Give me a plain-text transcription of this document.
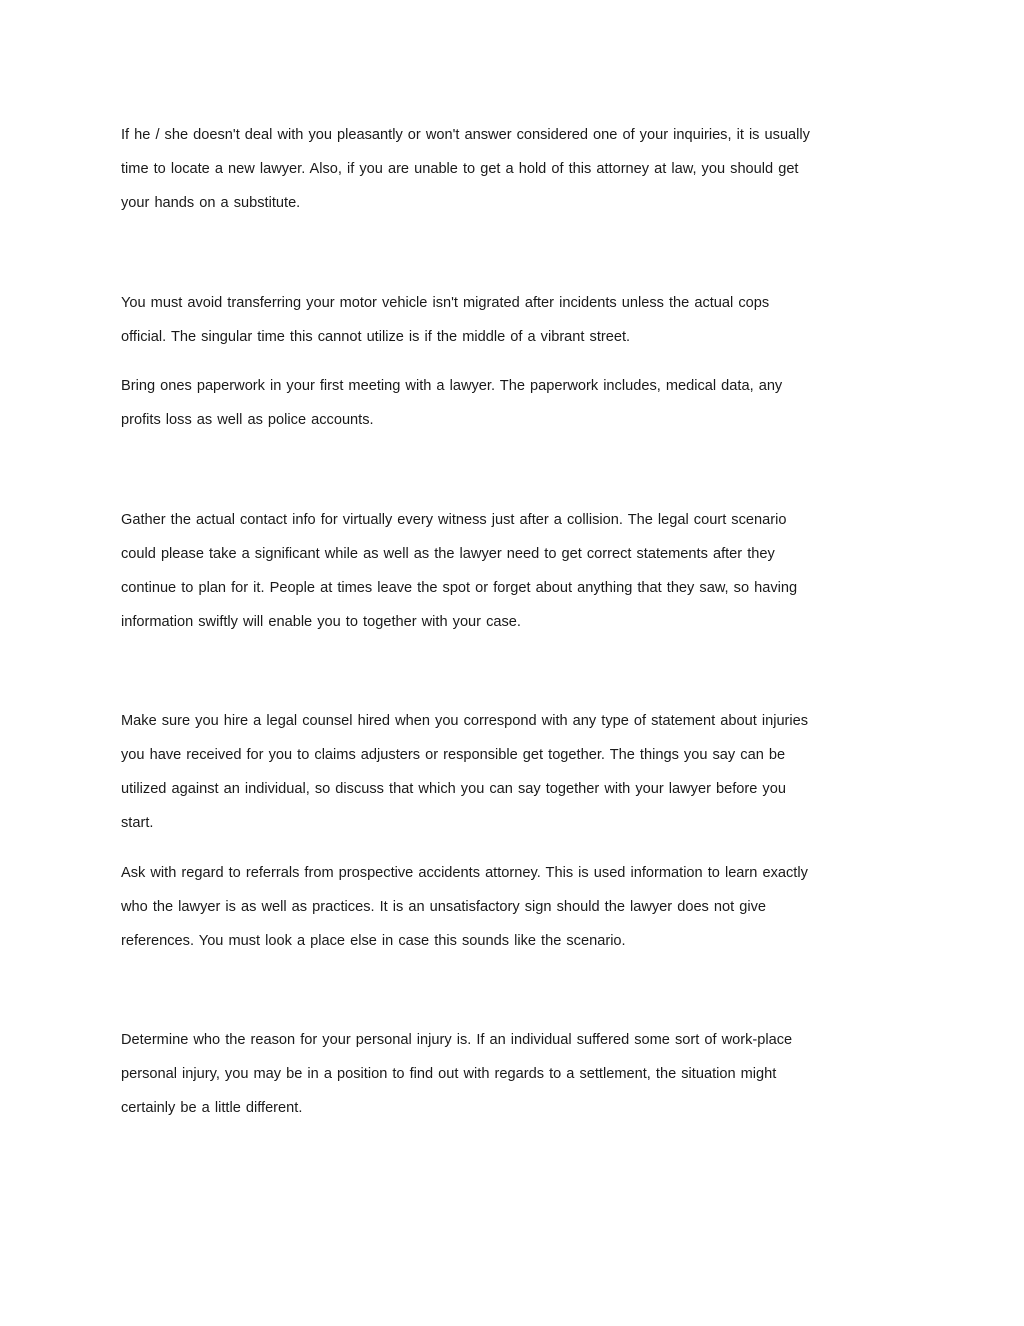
If he / she doesn't deal with you pleasantly or won't answer considered one of your inquiries, it is usually
time to locate a new lawyer. Also, if you are unable to get a hold of this attorney at law, you should get
your hands on a substitute.

You must avoid transferring your motor vehicle isn't migrated after incidents unless the actual cops
official. The singular time this cannot utilize is if the middle of a vibrant street.

Bring ones paperwork in your first meeting with a lawyer. The paperwork includes, medical data, any
profits loss as well as police accounts.

Gather the actual contact info for virtually every witness just after a collision. The legal court scenario
could please take a significant while as well as the lawyer need to get correct statements after they
continue to plan for it. People at times leave the spot or forget about anything that they saw, so having
information swiftly will enable you to together with your case.

Make sure you hire a legal counsel hired when you correspond with any type of statement about injuries
you have received for you to claims adjusters or responsible get together. The things you say can be
utilized against an individual, so discuss that which you can say together with your lawyer before you
start.

Ask with regard to referrals from prospective accidents attorney. This is used information to learn exactly
who the lawyer is as well as practices. It is an unsatisfactory sign should the lawyer does not give
references. You must look a place else in case this sounds like the scenario.

Determine who the reason for your personal injury is. If an individual suffered some sort of work-place
personal injury, you may be in a position to find out with regards to a settlement, the situation might
certainly be a little different.
